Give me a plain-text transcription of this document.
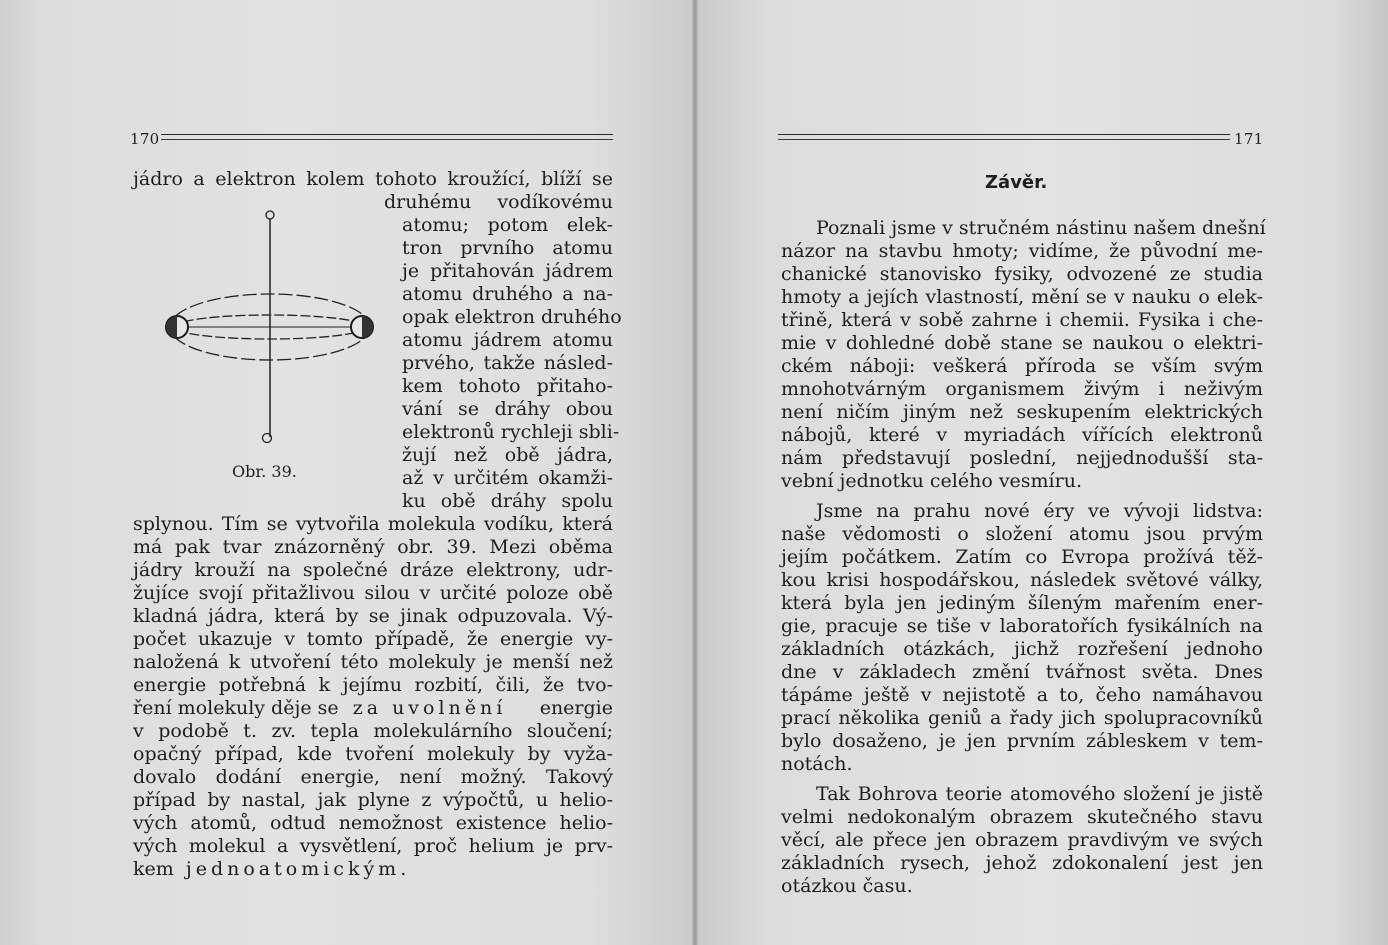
170
Obr. 39.
jádro a elektron kolem tohoto kroužící, blíží se
druhému vodíkovému
atomu; potom elek-
tron prvního atomu
je přitahován jádrem
atomu druhého a na-
opak elektron druhého
atomu jádrem atomu
prvého, takže násled-
kem tohoto přitaho-
vání se dráhy obou
elektronů rychleji sbli-
žují než obě jádra,
až v určitém okamži-
ku obě dráhy spolu
splynou. Tím se vytvořila molekula vodíku, která
má pak tvar znázorněný obr. 39. Mezi oběma
jádry krouží na společné dráze elektrony, udr-
žujíce svojí přitažlivou silou v určité poloze obě
kladná jádra, která by se jinak odpuzovala. Vý-
počet ukazuje v tomto případě, že energie vy-
naložená k utvoření této molekuly je menší než
energie potřebná k jejímu rozbití, čili, že tvo-
ření molekuly děje se za uvolnění energie
v podobě t. zv. tepla molekulárního sloučení;
opačný případ, kde tvoření molekuly by vyža-
dovalo dodání energie, není možný. Takový
případ by nastal, jak plyne z výpočtů, u helio-
vých atomů, odtud nemožnost existence helio-
vých molekul a vysvětlení, proč helium je prv-
kem jednoatomickým.
171
Závěr.
Poznali jsme v stručném nástinu našem dnešní
názor na stavbu hmoty; vidíme, že původní me-
chanické stanovisko fysiky, odvozené ze studia
hmoty a jejích vlastností, mění se v nauku o elek-
třině, která v sobě zahrne i chemii. Fysika i che-
mie v dohledné době stane se naukou o elektri-
ckém náboji: veškerá příroda se vším svým
mnohotvárným organismem živým i neživým
není ničím jiným než seskupením elektrických
nábojů, které v myriadách vířících elektronů
nám představují poslední, nejjednodušší sta-
vební jednotku celého vesmíru.
Jsme na prahu nové éry ve vývoji lidstva:
naše vědomosti o složení atomu jsou prvým
jejím počátkem. Zatím co Evropa prožívá těž-
kou krisi hospodářskou, následek světové války,
která byla jen jediným šíleným mařením ener-
gie, pracuje se tiše v laboratořích fysikálních na
základních otázkách, jichž rozřešení jednoho
dne v základech změní tvářnost světa. Dnes
tápáme ještě v nejistotě a to, čeho namáhavou
prací několika geniů a řady jich spolupracovníků
bylo dosaženo, je jen prvním zábleskem v tem-
notách.
Tak Bohrova teorie atomového složení je jistě
velmi nedokonalým obrazem skutečného stavu
věcí, ale přece jen obrazem pravdivým ve svých
základních rysech, jehož zdokonalení jest jen
otázkou času.
